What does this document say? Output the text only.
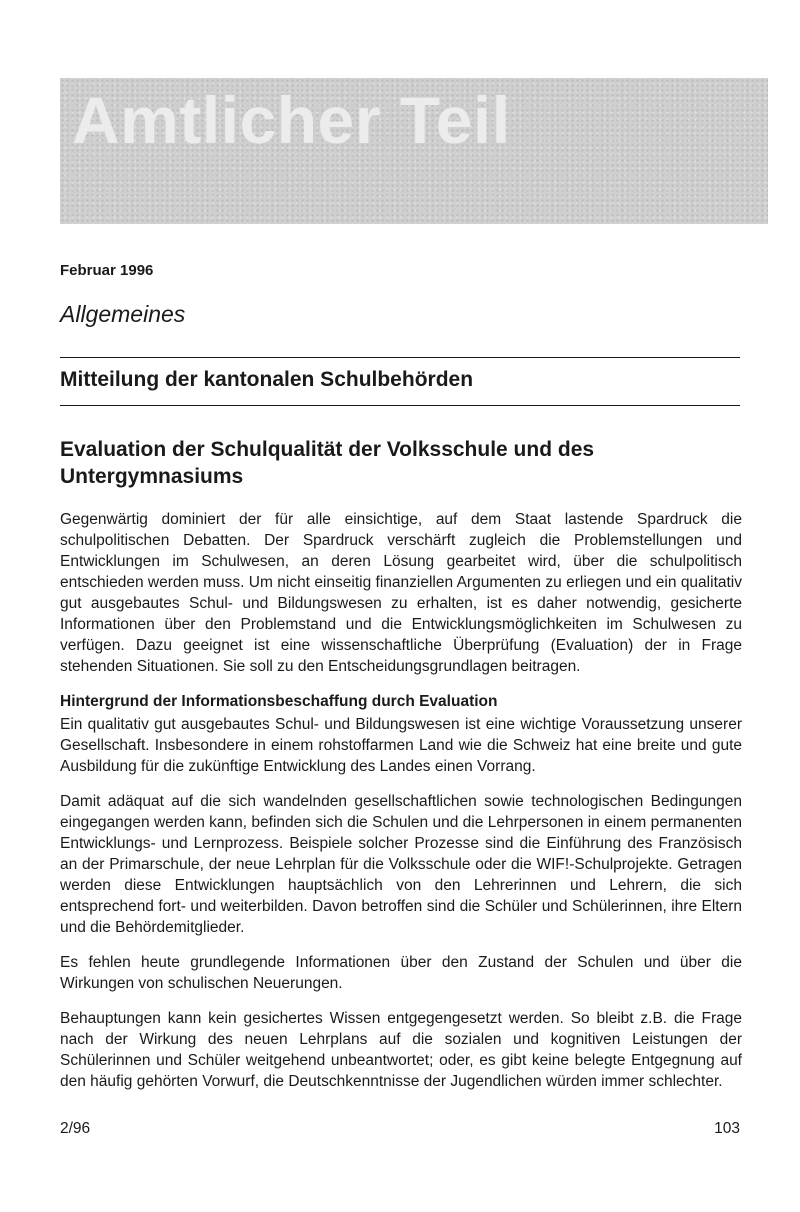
Amtlicher Teil

Februar 1996

Allgemeines
Mitteilung der kantonalen Schulbehörden
Evaluation der Schulqualität der Volksschule und des Untergymnasiums

Gegenwärtig dominiert der für alle einsichtige, auf dem Staat lastende Spardruck die schulpolitischen Debatten. Der Spardruck verschärft zugleich die Problemstellungen und Entwicklungen im Schulwesen, an deren Lösung gearbeitet wird, über die schulpolitisch entschieden werden muss. Um nicht einseitig finanziellen Argumenten zu erliegen und ein qualitativ gut ausgebautes Schul- und Bildungswesen zu erhalten, ist es daher notwendig, gesicherte Informationen über den Problemstand und die Entwicklungsmöglichkeiten im Schulwesen zu verfügen. Dazu geeignet ist eine wissenschaftliche Überprüfung (Evaluation) der in Frage stehenden Situationen. Sie soll zu den Entscheidungsgrundlagen beitragen.

Hintergrund der Informationsbeschaffung durch Evaluation

Ein qualitativ gut ausgebautes Schul- und Bildungswesen ist eine wichtige Voraussetzung unserer Gesellschaft. Insbesondere in einem rohstoffarmen Land wie die Schweiz hat eine breite und gute Ausbildung für die zukünftige Entwicklung des Landes einen Vorrang.

Damit adäquat auf die sich wandelnden gesellschaftlichen sowie technologischen Bedingungen eingegangen werden kann, befinden sich die Schulen und die Lehrpersonen in einem permanenten Entwicklungs- und Lernprozess. Beispiele solcher Prozesse sind die Einführung des Französisch an der Primarschule, der neue Lehrplan für die Volksschule oder die WIF!-Schulprojekte. Getragen werden diese Entwicklungen hauptsächlich von den Lehrerinnen und Lehrern, die sich entsprechend fort- und weiterbilden. Davon betroffen sind die Schüler und Schülerinnen, ihre Eltern und die Behördemitglieder.

Es fehlen heute grundlegende Informationen über den Zustand der Schulen und über die Wirkungen von schulischen Neuerungen.

Behauptungen kann kein gesichertes Wissen entgegengesetzt werden. So bleibt z.B. die Frage nach der Wirkung des neuen Lehrplans auf die sozialen und kognitiven Leistungen der Schülerinnen und Schüler weitgehend unbeantwortet; oder, es gibt keine belegte Entgegnung auf den häufig gehörten Vorwurf, die Deutschkenntnisse der Jugendlichen würden immer schlechter.

2/96	103
